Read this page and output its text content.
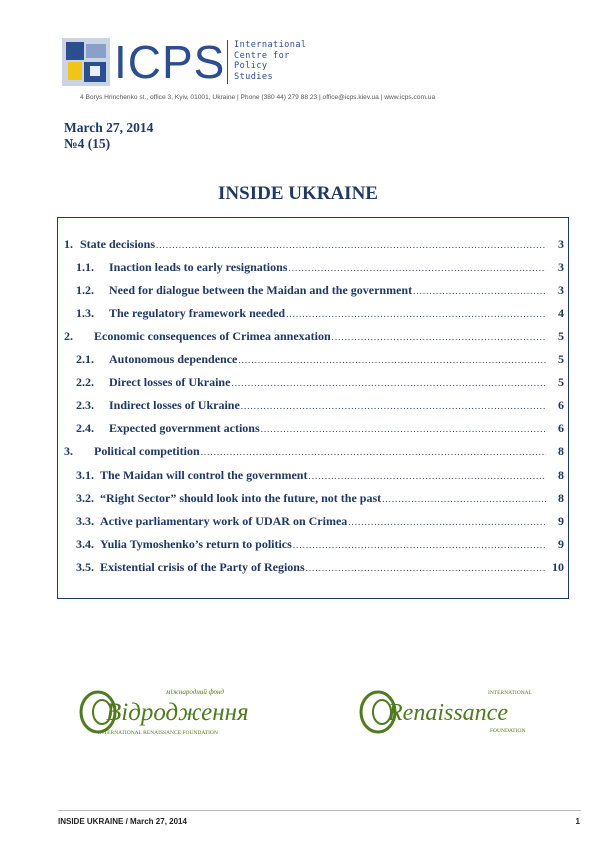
ICPS International
Centre for
Policy
Studies
4 Borys Hrinchenko st., office 3, Kyiv, 01001, Ukraine | Phone (380 44) 279 88 23 | office@icps.kiev.ua | www.icps.com.ua
March 27, 2014
№4 (15)
INSIDE UKRAINE
1. State decisions .....	3
1.1.	Inaction leads to early resignations .....	3
1.2.	Need for dialogue between the Maidan and the government .....	3
1.3.	The regulatory framework needed .....	4
2.	Economic consequences of Crimea annexation .....	5
2.1.	Autonomous dependence .....	5
2.2.	Direct losses of Ukraine .....	5
2.3.	Indirect losses of Ukraine .....	6
2.4.	Expected government actions .....	6
3.	Political competition .....	8
3.1. The Maidan will control the government .....	8
3.2. “Right Sector” should look into the future, not the past .....	8
3.3. Active parliamentary work of UDAR on Crimea .....	9
3.4. Yulia Tymoshenko’s return to politics .....	9
3.5. Existential crisis of the Party of Regions .....	10
міжнародний фонд
Відродження
INTERNATIONAL RENAISSANCE FOUNDATION
INTERNATIONAL
Renaissance
FOUNDATION
INSIDE UKRAINE / March 27, 2014	1
